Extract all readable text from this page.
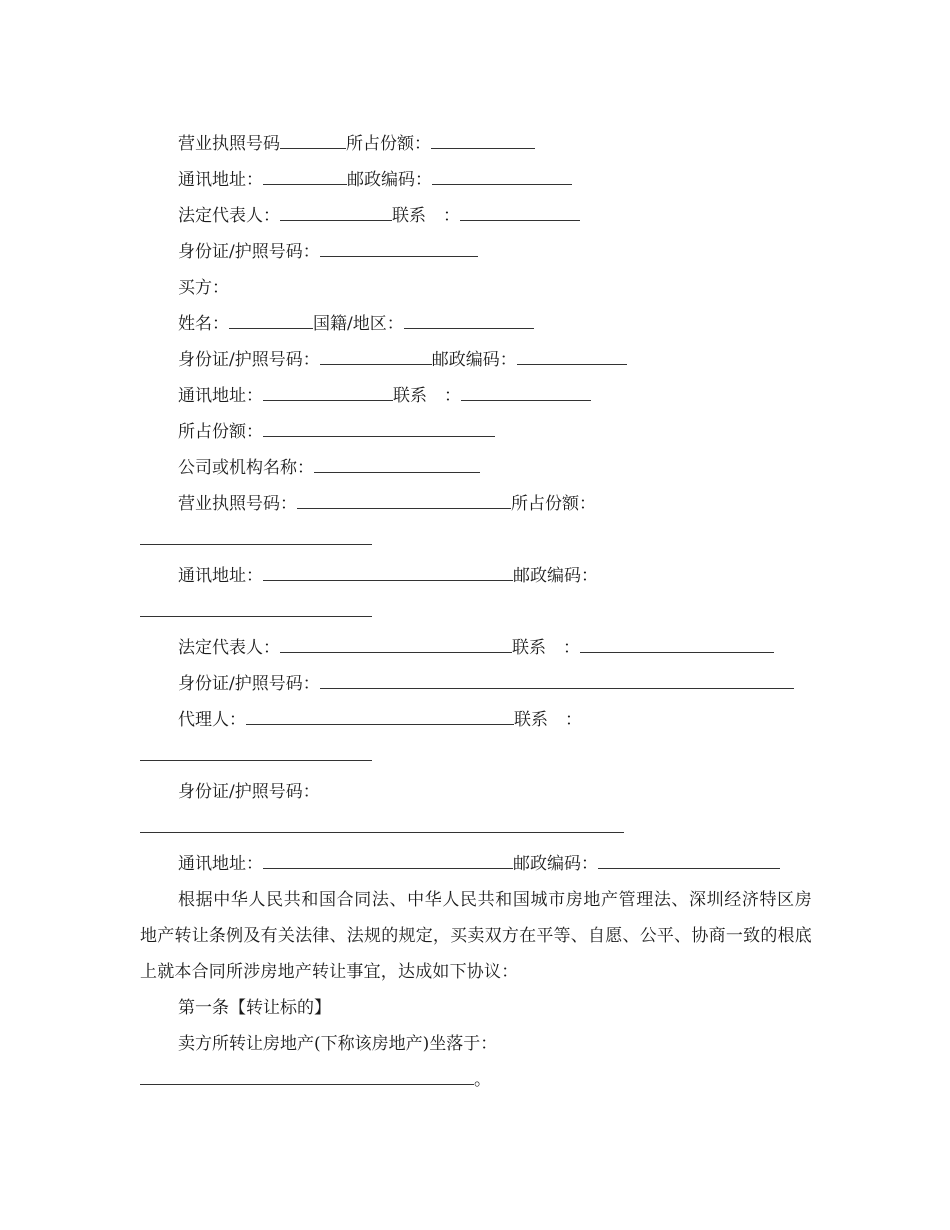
营业执照号码	所占份额：
通讯地址：	邮政编码：
法定代表人：	联系　：
身份证/护照号码：
买方：
姓名：	国籍/地区：
身份证/护照号码：	邮政编码：
通讯地址：	联系　：
所占份额：
公司或机构名称：
营业执照号码：	所占份额：
通讯地址：	邮政编码：
法定代表人：	联系　：
身份证/护照号码：
代理人：	联系　：
身份证/护照号码：
通讯地址：	邮政编码：
根据中华人民共和国合同法、中华人民共和国城市房地产管理法、深圳经济特区房地产转让条例及有关法律、法规的规定，买卖双方在平等、自愿、公平、协商一致的根底上就本合同所涉房地产转让事宜，达成如下协议：
第一条【转让标的】
卖方所转让房地产(下称该房地产)坐落于：
。
